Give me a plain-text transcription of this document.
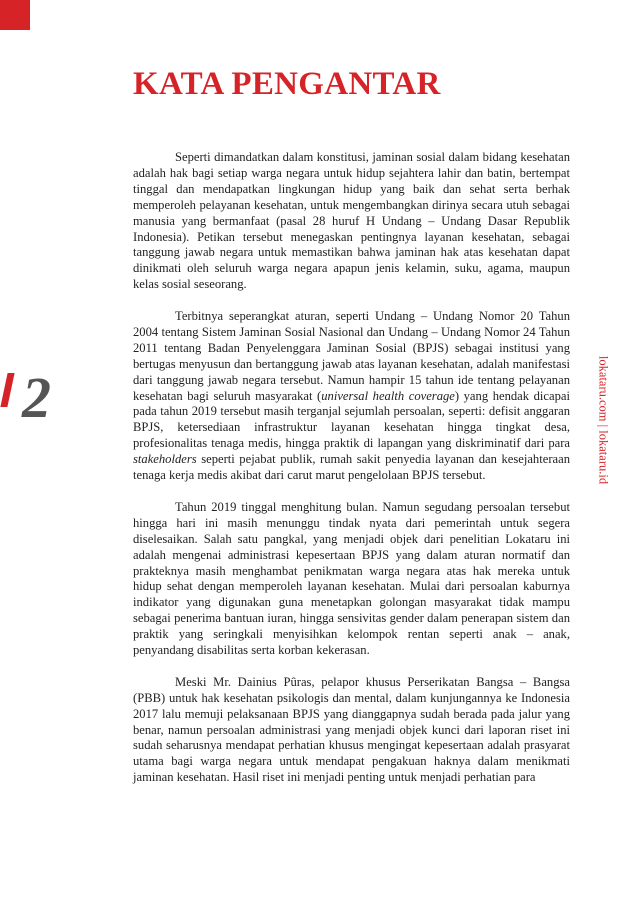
KATA PENGANTAR
2	lokataru.com | lokataru.id

Seperti dimandatkan dalam konstitusi, jaminan sosial dalam bidang kesehatan adalah hak bagi setiap warga negara untuk hidup sejahtera lahir dan batin, bertempat tinggal dan mendapatkan lingkungan hidup yang baik dan sehat serta berhak memperoleh pelayanan kesehatan, untuk mengembangkan dirinya secara utuh sebagai manusia yang bermanfaat (pasal 28 huruf H Undang – Undang Dasar Republik Indonesia). Petikan tersebut menegaskan pentingnya layanan kesehatan, sebagai tanggung jawab negara untuk memastikan bahwa jaminan hak atas kesehatan dapat dinikmati oleh seluruh warga negara apapun jenis kelamin, suku, agama, maupun kelas sosial seseorang.

Terbitnya seperangkat aturan, seperti Undang – Undang Nomor 20 Tahun 2004 tentang Sistem Jaminan Sosial Nasional dan Undang – Undang Nomor 24 Tahun 2011 tentang Badan Penyelenggara Jaminan Sosial (BPJS) sebagai institusi yang bertugas menyusun dan bertanggung jawab atas layanan kesehatan, adalah manifestasi dari tanggung jawab negara tersebut. Namun hampir 15 tahun ide tentang pelayanan kesehatan bagi seluruh masyarakat (universal health coverage) yang hendak dicapai pada tahun 2019 tersebut masih terganjal sejumlah persoalan, seperti: defisit anggaran BPJS, ketersediaan infrastruktur layanan kesehatan hingga tingkat desa, profesionalitas tenaga medis, hingga praktik di lapangan yang diskriminatif dari para stakeholders seperti pejabat publik, rumah sakit penyedia layanan dan kesejahteraan tenaga kerja medis akibat dari carut marut pengelolaan BPJS tersebut.

Tahun 2019 tinggal menghitung bulan. Namun segudang persoalan tersebut hingga hari ini masih menunggu tindak nyata dari pemerintah untuk segera diselesaikan. Salah satu pangkal, yang menjadi objek dari penelitian Lokataru ini adalah mengenai administrasi kepesertaan BPJS yang dalam aturan normatif dan prakteknya masih menghambat penikmatan warga negara atas hak mereka untuk hidup sehat dengan memperoleh layanan kesehatan. Mulai dari persoalan kaburnya indikator yang digunakan guna menetapkan golongan masyarakat tidak mampu sebagai penerima bantuan iuran, hingga sensivitas gender dalam penerapan sistem dan praktik yang seringkali menyisihkan kelompok rentan seperti anak – anak, penyandang disabilitas serta korban kekerasan.

Meski Mr. Dainius Pûras, pelapor khusus Perserikatan Bangsa – Bangsa (PBB) untuk hak kesehatan psikologis dan mental, dalam kunjungannya ke Indonesia 2017 lalu memuji pelaksanaan BPJS yang dianggapnya sudah berada pada jalur yang benar, namun persoalan administrasi yang menjadi objek kunci dari laporan riset ini sudah seharusnya mendapat perhatian khusus mengingat kepesertaan adalah prasyarat utama bagi warga negara untuk mendapat pengakuan haknya dalam menikmati jaminan kesehatan. Hasil riset ini menjadi penting untuk menjadi perhatian para
